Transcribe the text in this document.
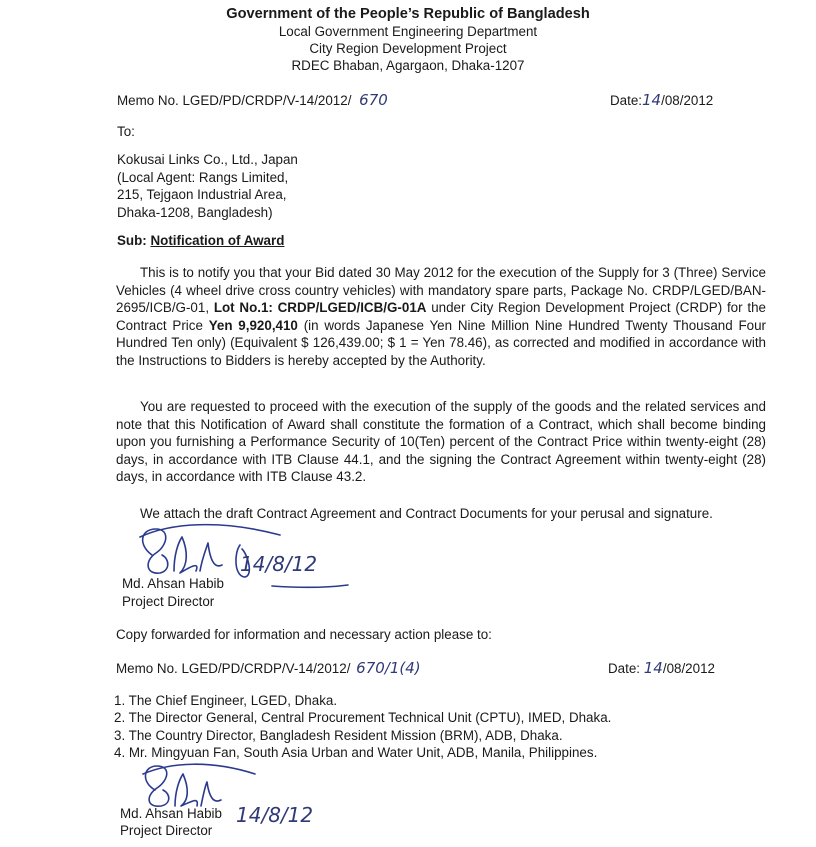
Government of the People’s Republic of Bangladesh
Local Government Engineering Department
City Region Development Project
RDEC Bhaban, Agargaon, Dhaka-1207
Memo No. LGED/PD/CRDP/V-14/2012/ 670	Date:14/08/2012
To:
Kokusai Links Co., Ltd., Japan
(Local Agent: Rangs Limited,
215, Tejgaon Industrial Area,
Dhaka-1208, Bangladesh)
Sub: Notification of Award
This is to notify you that your Bid dated 30 May 2012 for the execution of the Supply for 3 (Three) Service Vehicles (4 wheel drive cross country vehicles) with mandatory spare parts, Package No. CRDP/LGED/BAN-2695/ICB/G-01, Lot No.1: CRDP/LGED/ICB/G-01A under City Region Development Project (CRDP) for the Contract Price Yen 9,920,410 (in words Japanese Yen Nine Million Nine Hundred Twenty Thousand Four Hundred Ten only) (Equivalent $ 126,439.00; $ 1 = Yen 78.46), as corrected and modified in accordance with the Instructions to Bidders is hereby accepted by the Authority.
You are requested to proceed with the execution of the supply of the goods and the related services and note that this Notification of Award shall constitute the formation of a Contract, which shall become binding upon you furnishing a Performance Security of 10(Ten) percent of the Contract Price within twenty-eight (28) days, in accordance with ITB Clause 44.1, and the signing the Contract Agreement within twenty-eight (28) days, in accordance with ITB Clause 43.2.
We attach the draft Contract Agreement and Contract Documents for your perusal and signature.
14/8/12
Md. Ahsan Habib
Project Director
Copy forwarded for information and necessary action please to:
Memo No. LGED/PD/CRDP/V-14/2012/ 670/1(4)	Date: 14/08/2012
1. The Chief Engineer, LGED, Dhaka.
2. The Director General, Central Procurement Technical Unit (CPTU), IMED, Dhaka.
3. The Country Director, Bangladesh Resident Mission (BRM), ADB, Dhaka.
4. Mr. Mingyuan Fan, South Asia Urban and Water Unit, ADB, Manila, Philippines.
14/8/12
Md. Ahsan Habib
Project Director
